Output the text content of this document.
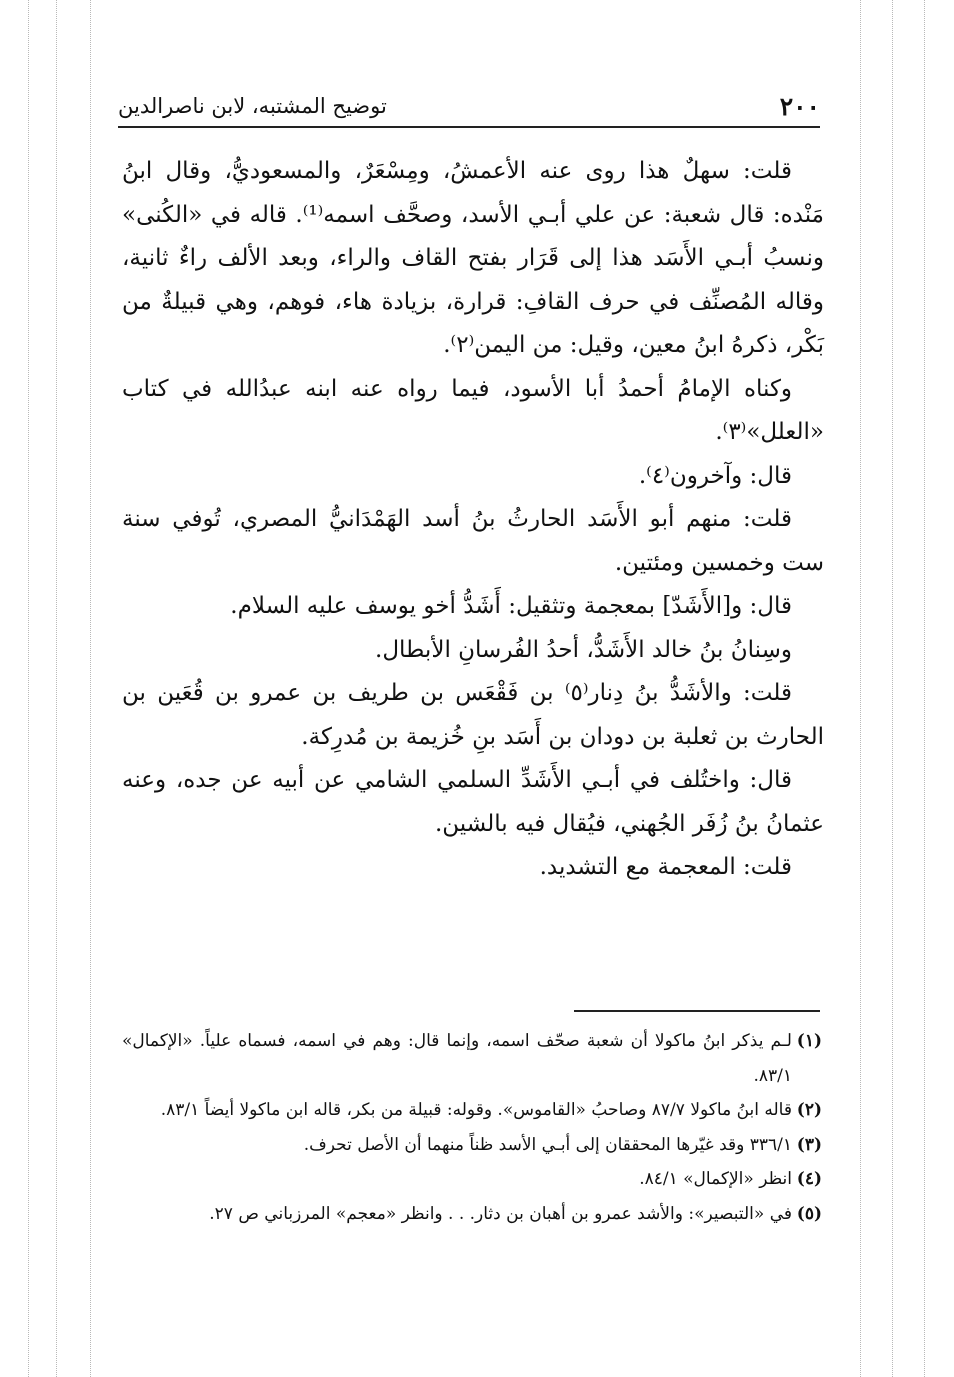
٢٠٠
توضيح المشتبه، لابن ناصرالدين

قلت: سهلٌ هذا روى عنه الأعمشُ، ومِسْعَرٌ، والمسعوديُّ، وقال ابنُ مَنْده: قال شعبة: عن علي أبـي الأسد، وصحَّف اسمه⁽¹⁾. قاله في «الكُنى» ونسبُ أبـي الأَسَد هذا إلى قَرَار بفتح القاف والراء، وبعد الألف راءٌ ثانية، وقاله المُصنِّف في حرف القافِ: قرارة، بزيادة هاء، فوهم، وهي قبيلةٌ من بَكْر، ذكرهُ ابنُ معين، وقيل: من اليمن⁽٢⁾.

وكناه الإمامُ أحمدُ أبا الأسود، فيما رواه عنه ابنه عبدُالله في كتاب «العلل»⁽٣⁾.

قال: وآخرون⁽٤⁾.

قلت: منهم أبو الأَسَد الحارثُ بنُ أسد الهَمْدَانيُّ المصري، تُوفي سنة ست وخمسين ومئتين.

قال: و[الأَشَدّ] بمعجمة وتثقيل: أَشَدُّ أخو يوسف عليه السلام.

وسِنانُ بنُ خالد الأَشَدُّ، أحدُ الفُرسانِ الأبطال.

قلت: والأشَدُّ بنُ دِنار⁽٥⁾ بن فَقْعَس بن طريف بن عمرو بن قُعَين بن الحارث بن ثعلبة بن دودان بن أَسَد بنِ خُزيمة بن مُدرِكة.

قال: واختُلف في أبـي الأَشَدِّ السلمي الشامي عن أبيه عن جده، وعنه عثمانُ بنُ زُفَر الجُهني، فيُقال فيه بالشين.

قلت: المعجمة مع التشديد.

(١)
لـم يذكر ابنُ ماكولا أن شعبة صحّف اسمه، وإنما قال: وهم في اسمه، فسماه علياً. «الإكمال» ٨٣/١.
(٢)
قاله ابنُ ماكولا ٨٧/٧ وصاحبُ «القاموس». وقوله: قبيلة من بكر، قاله ابن ماكولا أيضاً ٨٣/١.
(٣)
٣٣٦/١ وقد غيّرها المحققان إلى أبـي الأسد ظناً منهما أن الأصل تحرف.
(٤)
انظر «الإكمال» ٨٤/١.
(٥)
في «التبصير»: والأشد عمرو بن أهبان بن دثار. . . وانظر «معجم» المرزباني ص ٢٧.
